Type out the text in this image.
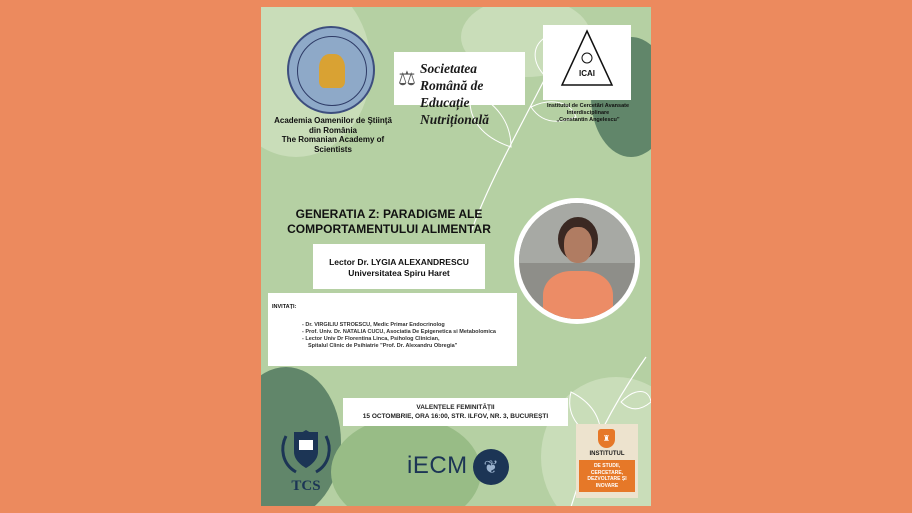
Academia Oamenilor de Ştiinţă din România
The Romanian Academy of Scientists
⚖ Societatea Română de
Educație Nutrițională
ICAI
Institutul de Cercetări Avansate
Interdisciplinare
„Constantin Angelescu”
GENERATIA Z: PARADIGME ALE
COMPORTAMENTULUI ALIMENTAR
Lector Dr. LYGIA ALEXANDRESCU
Universitatea Spiru Haret
INVITAȚI:
- Dr. VIRGILIU STROESCU, Medic Primar Endocrinolog
- Prof. Univ. Dr. NATALIA CUCU, Asociatia De Epigenetica si Metabolomica
- Lector Univ Dr Florentina Linca, Psiholog Clinician,
Spitalul Clinic de Psihiatrie "Prof. Dr. Alexandru Obregia"
VALENȚELE FEMINITĂȚII
15 OCTOMBRIE, ORA 16:00, STR. ILFOV, NR. 3, BUCUREȘTI
TCS
iECM ❦
♜
INSTITUTUL
DE STUDII, CERCETARE, DEZVOLTARE ȘI INOVARE
